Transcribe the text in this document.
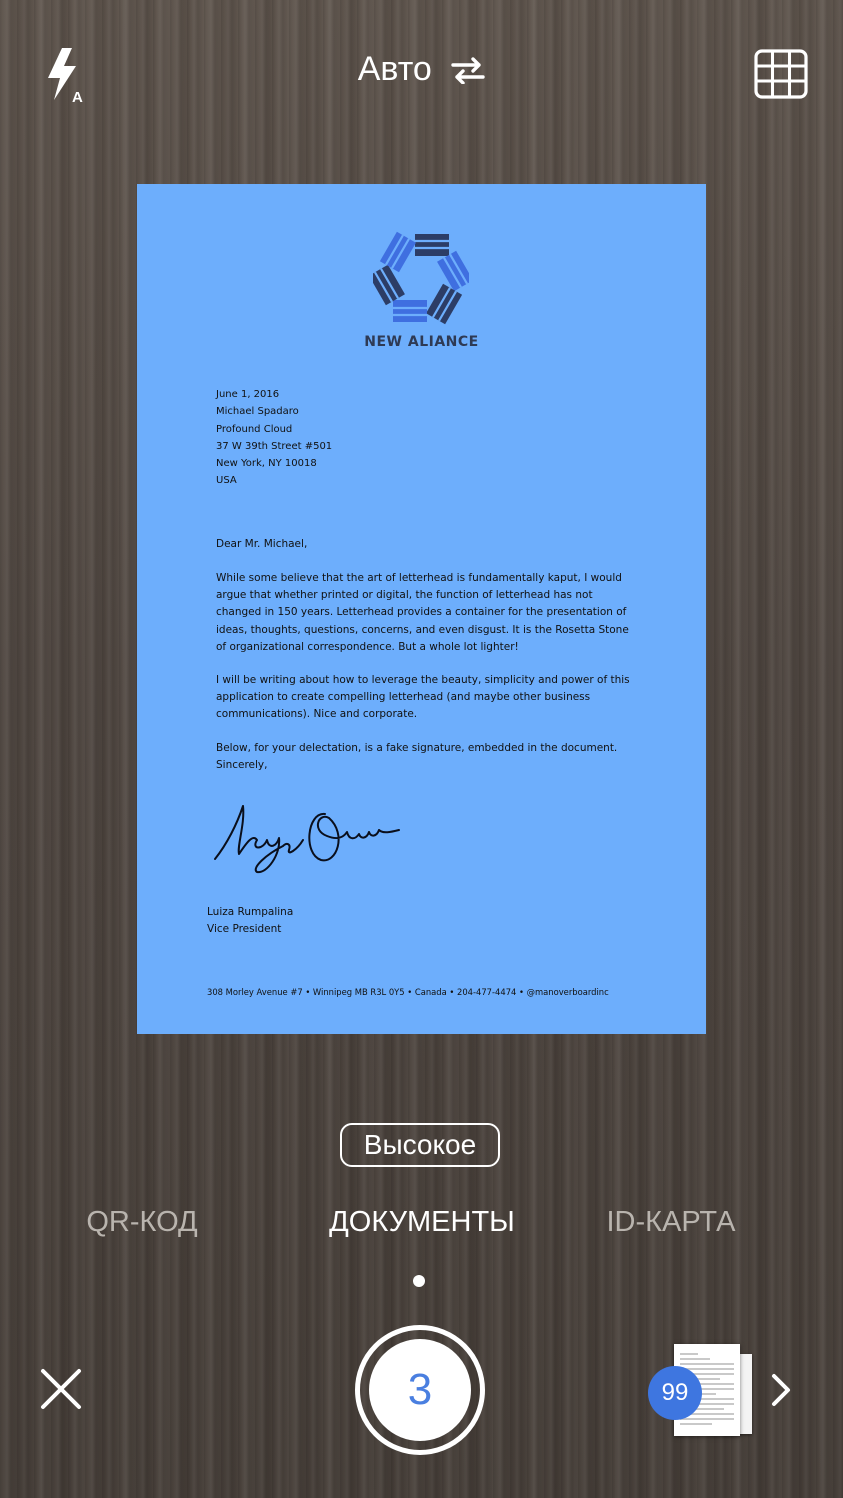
A
Авто
NEW ALIANCE
June 1, 2016
Michael Spadaro
Profound Cloud
37 W 39th Street #501
New York, NY 10018
USA
Dear Mr. Michael,
While some believe that the art of letterhead is fundamentally kaput, I would argue that whether printed or digital, the function of letterhead has not changed in 150 years. Letterhead provides a container for the presentation of ideas, thoughts, questions, concerns, and even disgust. It is the Rosetta Stone of organizational correspondence. But a whole lot lighter!
I will be writing about how to leverage the beauty, simplicity and power of this application to create compelling letterhead (and maybe other business communications). Nice and corporate.
Below, for your delectation, is a fake signature, embedded in the document. Sincerely,
Luiza Rumpalina
Vice President
308 Morley Avenue #7 • Winnipeg MB R3L 0Y5 • Canada • 204-477-4474 • @manoverboardinc
Высокое
QR-КОД	ДОКУМЕНТЫ	ID-КАРТА
3	99
